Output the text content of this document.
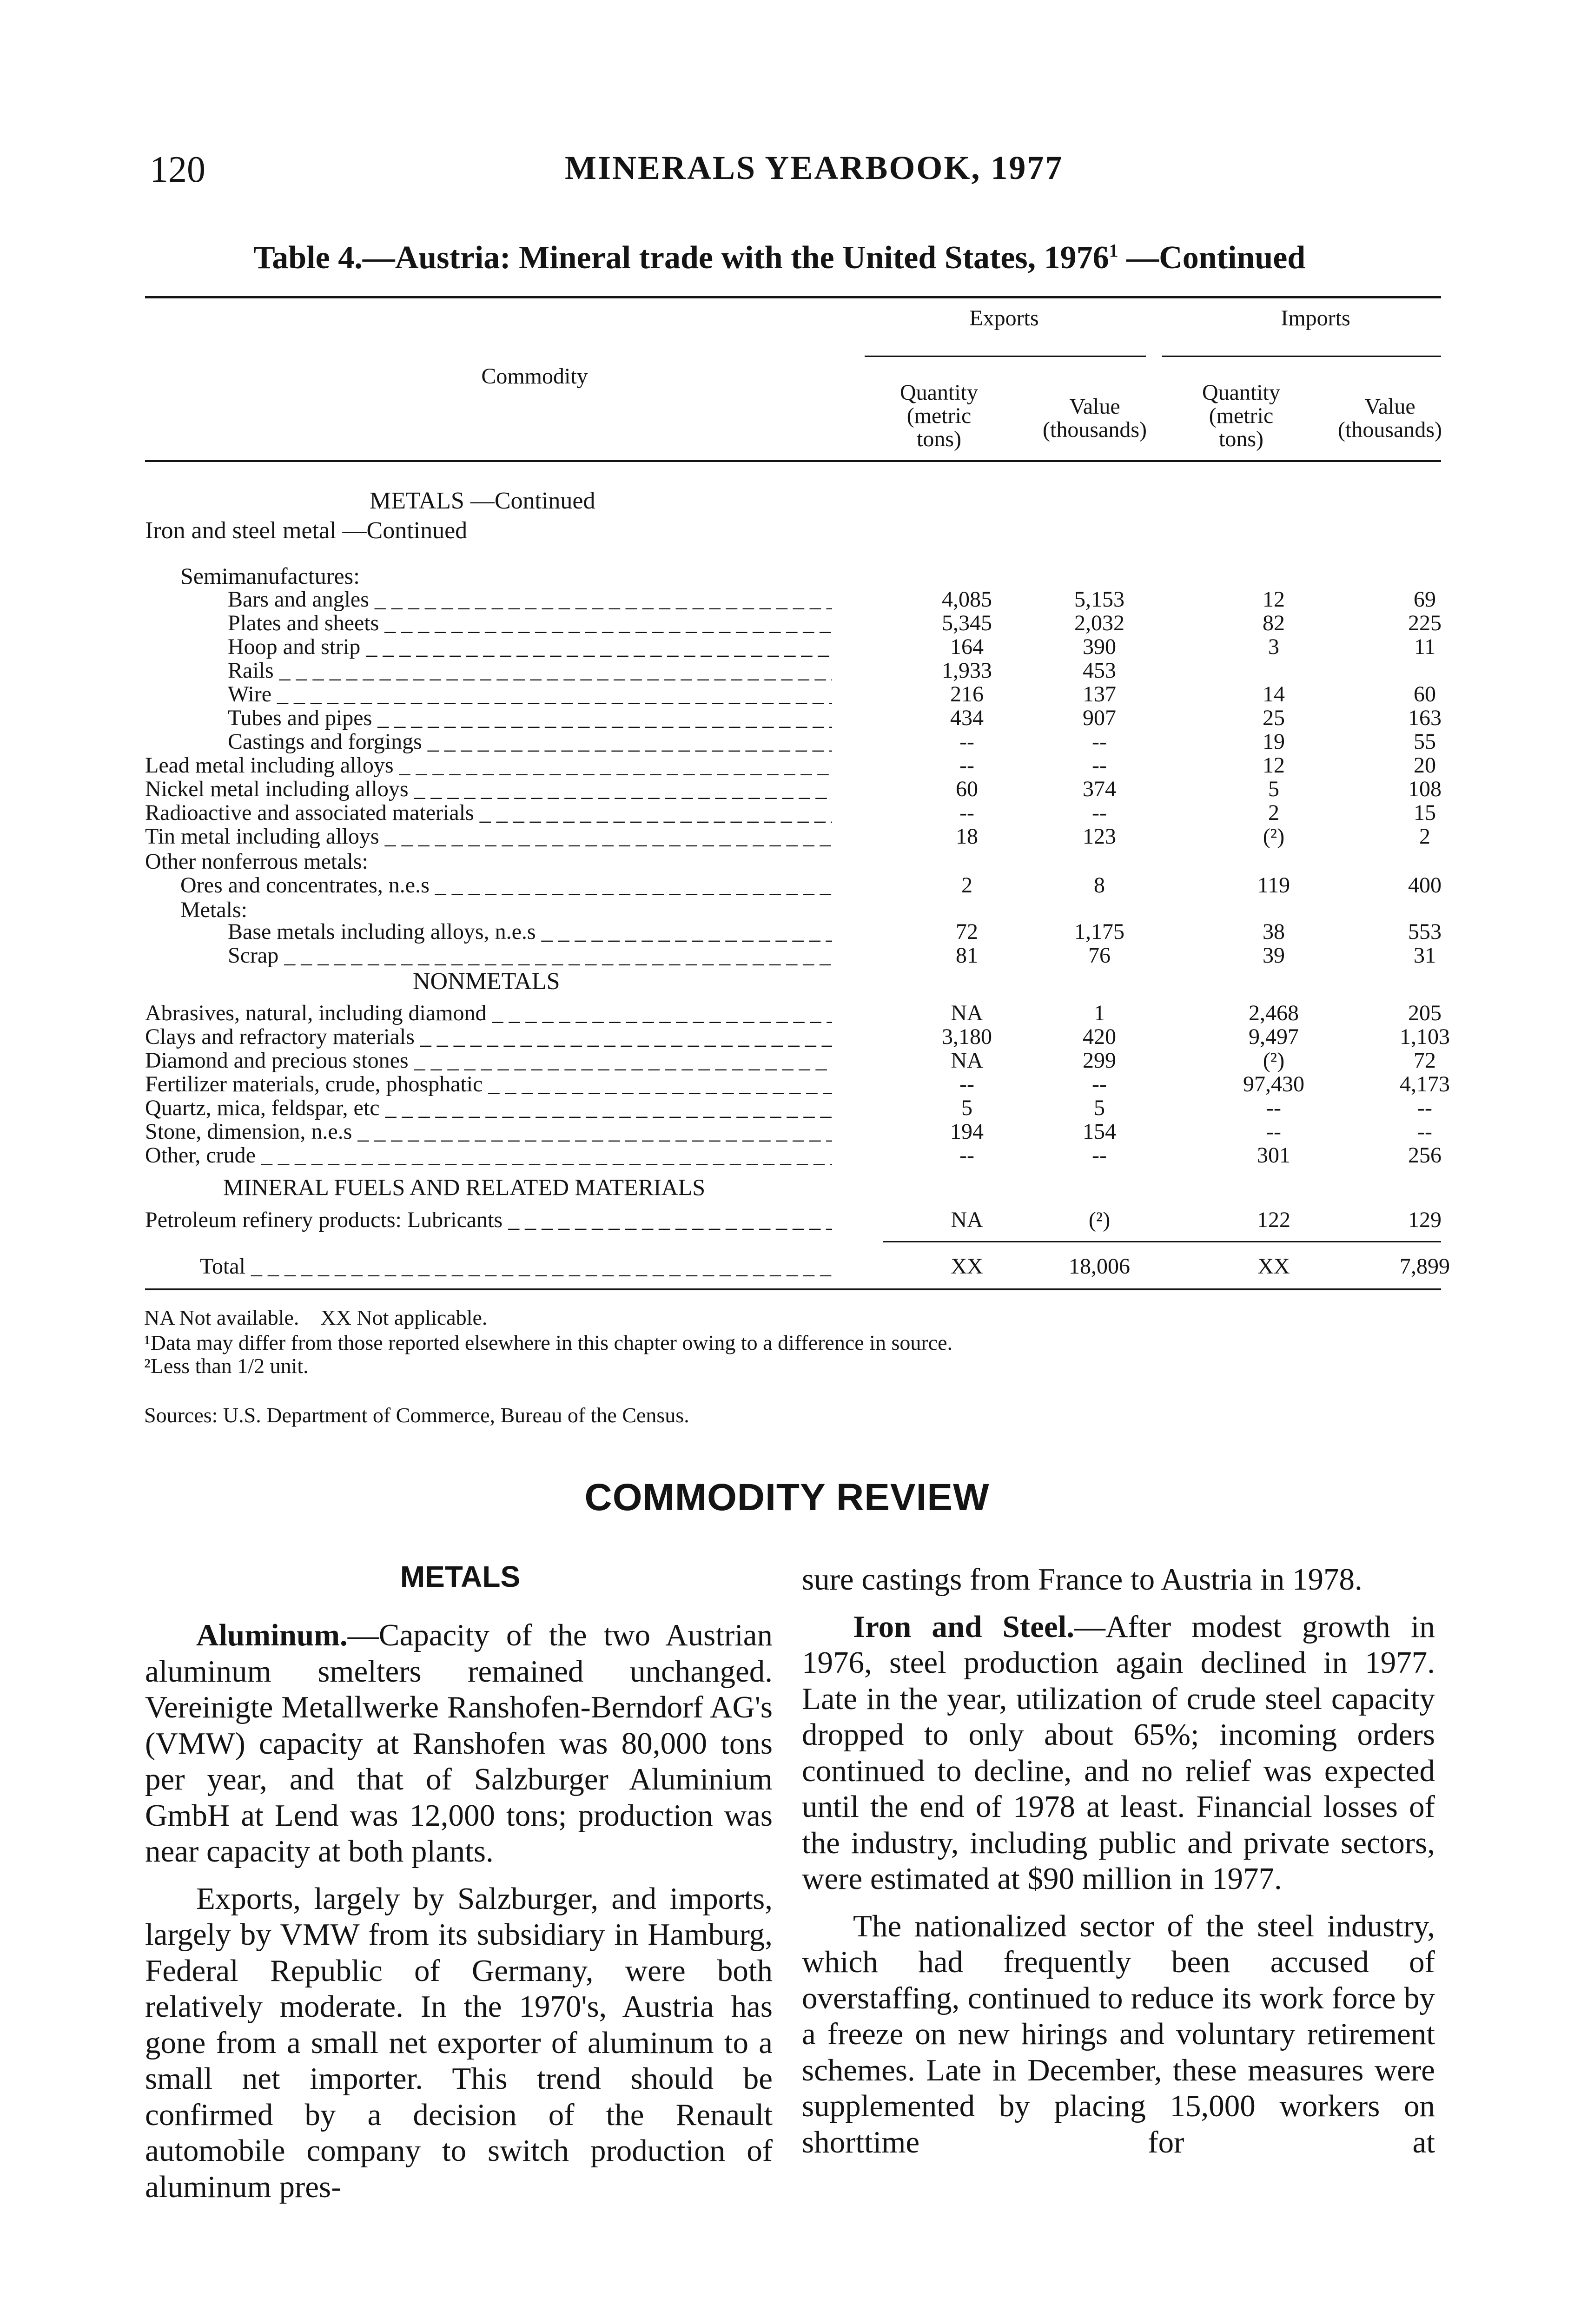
120	MINERALS YEARBOOK, 1977
Table 4.—Austria: Mineral trade with the United States, 1976$^1$ —Continued
Exports	Imports
Commodity
Quantity
(metric
tons)
Value
(thousands)
Quantity
(metric
tons)
Value
(thousands)
METALS —Continued
Iron and steel metal —Continued
Semimanufactures:
Bars and angles _ _ _	4,085	5,153	12	69
Plates and sheets _ _ _	5,345	2,032	82	225
Hoop and strip _ _ _	164	390	3	11
Rails _ _ _	1,933	453
Wire _ _ _	216	137	14	60
Tubes and pipes _ _ _	434	907	25	163
Castings and forgings _ _ _	--	--	19	55
Lead metal including alloys _ _ _	--	--	12	20
Nickel metal including alloys _ _ _	60	374	5	108
Radioactive and associated materials _ _ _	--	--	2	15
Tin metal including alloys _ _ _	18	123	(²)	2
Other nonferrous metals:
Ores and concentrates, n.e.s _ _ _	2	8	119	400
Metals:
Base metals including alloys, n.e.s _ _ _	72	1,175	38	553
Scrap _ _ _	81	76	39	31
NONMETALS
Abrasives, natural, including diamond _ _ _	NA	1	2,468	205
Clays and refractory materials _ _ _	3,180	420	9,497	1,103
Diamond and precious stones _ _ _	NA	299	(²)	72
Fertilizer materials, crude, phosphatic _ _ _	--	--	97,430	4,173
Quartz, mica, feldspar, etc _ _ _	5	5	--	--
Stone, dimension, n.e.s _ _ _	194	154	--	--
Other, crude _ _ _	--	--	301	256
MINERAL FUELS AND RELATED MATERIALS
Petroleum refinery products: Lubricants _ _ _	NA	(²)	122	129
Total _ _ _	XX	18,006	XX	7,899
NA Not available.    XX Not applicable.
¹Data may differ from those reported elsewhere in this chapter owing to a difference in source.
²Less than 1/2 unit.
Sources: U.S. Department of Commerce, Bureau of the Census.
COMMODITY REVIEW
METALS

Aluminum.—Capacity of the two Austrian aluminum smelters remained unchanged. Vereinigte Metallwerke Ranshofen-Berndorf AG's (VMW) capacity at Ranshofen was 80,000 tons per year, and that of Salzburger Aluminium GmbH at Lend was 12,000 tons; production was near capacity at both plants.

Exports, largely by Salzburger, and imports, largely by VMW from its subsidiary in Hamburg, Federal Republic of Germany, were both relatively moderate. In the 1970's, Austria has gone from a small net exporter of aluminum to a small net importer. This trend should be confirmed by a decision of the Renault automobile company to switch production of aluminum pres-

sure castings from France to Austria in 1978.

Iron and Steel.—After modest growth in 1976, steel production again declined in 1977. Late in the year, utilization of crude steel capacity dropped to only about 65%; incoming orders continued to decline, and no relief was expected until the end of 1978 at least. Financial losses of the industry, including public and private sectors, were estimated at $90 million in 1977.

The nationalized sector of the steel industry, which had frequently been accused of overstaffing, continued to reduce its work force by a freeze on new hirings and voluntary retirement schemes. Late in December, these measures were supplemented by placing 15,000 workers on shorttime for at
